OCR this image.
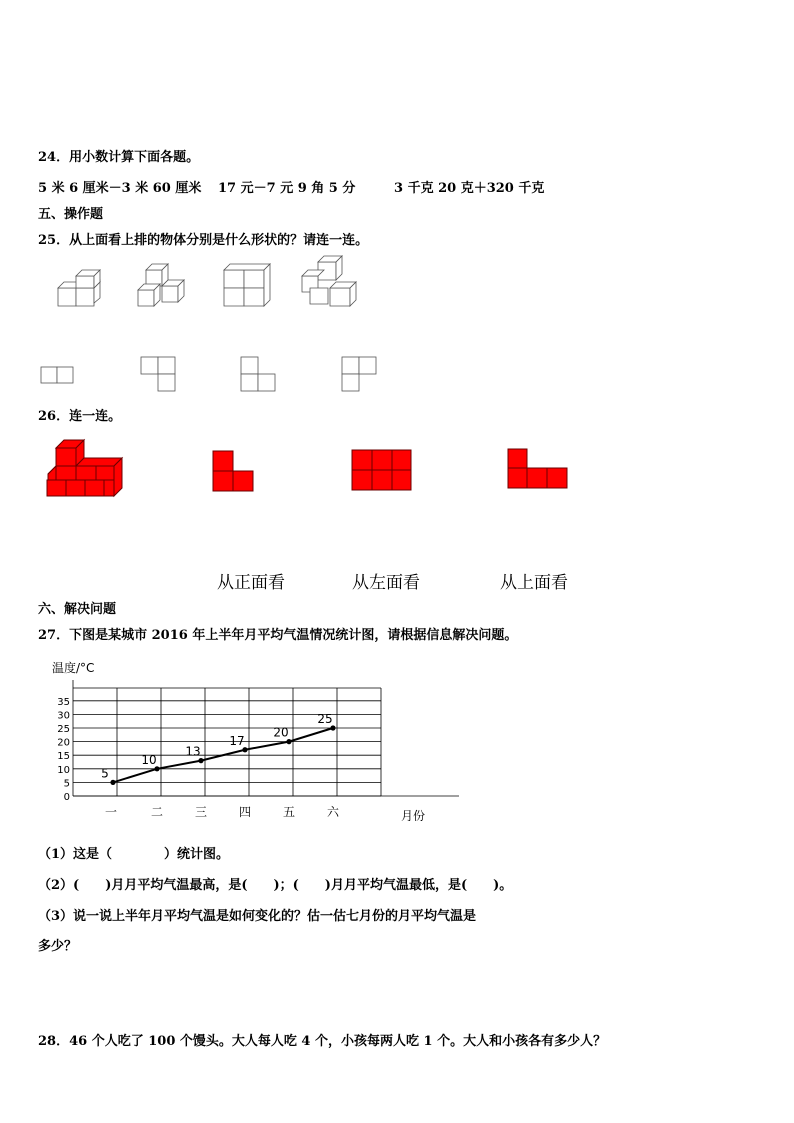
24．用小数计算下面各题。
5 米 6 厘米－3 米 60 厘米 17 元－7 元 9 角 5 分	3 千克 20 克＋320 千克
五、操作题
25．从上面看上排的物体分别是什么形状的？请连一连。
26．连一连。
从正面看	从左面看	从上面看
六、解决问题
27．下图是某城市 2016 年上半年月平均气温情况统计图，请根据信息解决问题。
0
5
10
15
20
25
30
35
温度/°C
一	二	三	四	五	六	月份
5
10
13
17
20
25
（1）这是（　　　　）统计图。
（2）(　　)月月平均气温最高，是(　　)；(　　)月月平均气温最低，是(　　)。
（3）说一说上半年月平均气温是如何变化的？估一估七月份的月平均气温是
多少？
28．46 个人吃了 100 个馒头。大人每人吃 4 个，小孩每两人吃 1 个。大人和小孩各有多少人？
